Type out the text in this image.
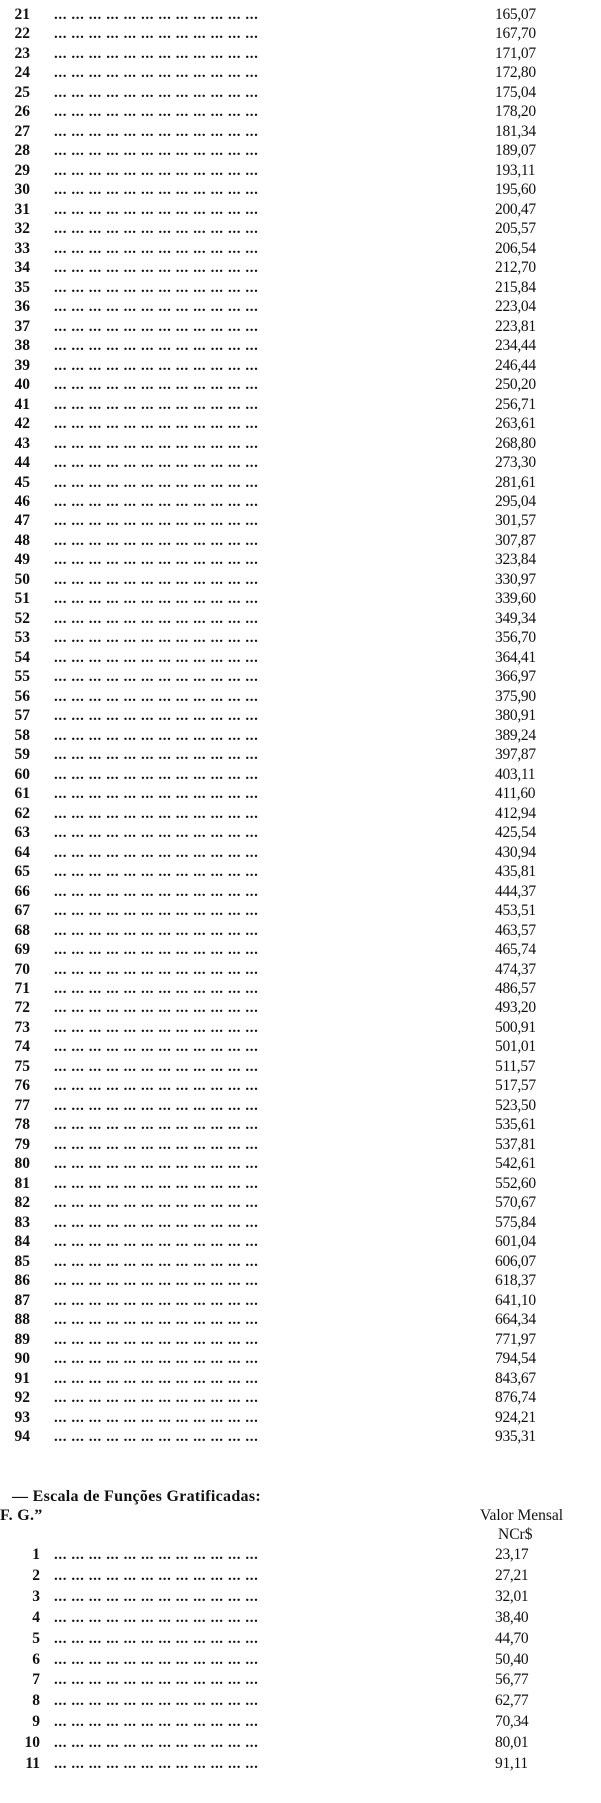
21 ... ... ... ... ... ... ... ... ... ... ... ...	165,07
22 ... ... ... ... ... ... ... ... ... ... ... ...	167,70
23 ... ... ... ... ... ... ... ... ... ... ... ...	171,07
24 ... ... ... ... ... ... ... ... ... ... ... ...	172,80
25 ... ... ... ... ... ... ... ... ... ... ... ...	175,04
26 ... ... ... ... ... ... ... ... ... ... ... ...	178,20
27 ... ... ... ... ... ... ... ... ... ... ... ...	181,34
28 ... ... ... ... ... ... ... ... ... ... ... ...	189,07
29 ... ... ... ... ... ... ... ... ... ... ... ...	193,11
30 ... ... ... ... ... ... ... ... ... ... ... ...	195,60
31 ... ... ... ... ... ... ... ... ... ... ... ...	200,47
32 ... ... ... ... ... ... ... ... ... ... ... ...	205,57
33 ... ... ... ... ... ... ... ... ... ... ... ...	206,54
34 ... ... ... ... ... ... ... ... ... ... ... ...	212,70
35 ... ... ... ... ... ... ... ... ... ... ... ...	215,84
36 ... ... ... ... ... ... ... ... ... ... ... ...	223,04
37 ... ... ... ... ... ... ... ... ... ... ... ...	223,81
38 ... ... ... ... ... ... ... ... ... ... ... ...	234,44
39 ... ... ... ... ... ... ... ... ... ... ... ...	246,44
40 ... ... ... ... ... ... ... ... ... ... ... ...	250,20
41 ... ... ... ... ... ... ... ... ... ... ... ...	256,71
42 ... ... ... ... ... ... ... ... ... ... ... ...	263,61
43 ... ... ... ... ... ... ... ... ... ... ... ...	268,80
44 ... ... ... ... ... ... ... ... ... ... ... ...	273,30
45 ... ... ... ... ... ... ... ... ... ... ... ...	281,61
46 ... ... ... ... ... ... ... ... ... ... ... ...	295,04
47 ... ... ... ... ... ... ... ... ... ... ... ...	301,57
48 ... ... ... ... ... ... ... ... ... ... ... ...	307,87
49 ... ... ... ... ... ... ... ... ... ... ... ...	323,84
50 ... ... ... ... ... ... ... ... ... ... ... ...	330,97
51 ... ... ... ... ... ... ... ... ... ... ... ...	339,60
52 ... ... ... ... ... ... ... ... ... ... ... ...	349,34
53 ... ... ... ... ... ... ... ... ... ... ... ...	356,70
54 ... ... ... ... ... ... ... ... ... ... ... ...	364,41
55 ... ... ... ... ... ... ... ... ... ... ... ...	366,97
56 ... ... ... ... ... ... ... ... ... ... ... ...	375,90
57 ... ... ... ... ... ... ... ... ... ... ... ...	380,91
58 ... ... ... ... ... ... ... ... ... ... ... ...	389,24
59 ... ... ... ... ... ... ... ... ... ... ... ...	397,87
60 ... ... ... ... ... ... ... ... ... ... ... ...	403,11
61 ... ... ... ... ... ... ... ... ... ... ... ...	411,60
62 ... ... ... ... ... ... ... ... ... ... ... ...	412,94
63 ... ... ... ... ... ... ... ... ... ... ... ...	425,54
64 ... ... ... ... ... ... ... ... ... ... ... ...	430,94
65 ... ... ... ... ... ... ... ... ... ... ... ...	435,81
66 ... ... ... ... ... ... ... ... ... ... ... ...	444,37
67 ... ... ... ... ... ... ... ... ... ... ... ...	453,51
68 ... ... ... ... ... ... ... ... ... ... ... ...	463,57
69 ... ... ... ... ... ... ... ... ... ... ... ...	465,74
70 ... ... ... ... ... ... ... ... ... ... ... ...	474,37
71 ... ... ... ... ... ... ... ... ... ... ... ...	486,57
72 ... ... ... ... ... ... ... ... ... ... ... ...	493,20
73 ... ... ... ... ... ... ... ... ... ... ... ...	500,91
74 ... ... ... ... ... ... ... ... ... ... ... ...	501,01
75 ... ... ... ... ... ... ... ... ... ... ... ...	511,57
76 ... ... ... ... ... ... ... ... ... ... ... ...	517,57
77 ... ... ... ... ... ... ... ... ... ... ... ...	523,50
78 ... ... ... ... ... ... ... ... ... ... ... ...	535,61
79 ... ... ... ... ... ... ... ... ... ... ... ...	537,81
80 ... ... ... ... ... ... ... ... ... ... ... ...	542,61
81 ... ... ... ... ... ... ... ... ... ... ... ...	552,60
82 ... ... ... ... ... ... ... ... ... ... ... ...	570,67
83 ... ... ... ... ... ... ... ... ... ... ... ...	575,84
84 ... ... ... ... ... ... ... ... ... ... ... ...	601,04
85 ... ... ... ... ... ... ... ... ... ... ... ...	606,07
86 ... ... ... ... ... ... ... ... ... ... ... ...	618,37
87 ... ... ... ... ... ... ... ... ... ... ... ...	641,10
88 ... ... ... ... ... ... ... ... ... ... ... ...	664,34
89 ... ... ... ... ... ... ... ... ... ... ... ...	771,97
90 ... ... ... ... ... ... ... ... ... ... ... ...	794,54
91 ... ... ... ... ... ... ... ... ... ... ... ...	843,67
92 ... ... ... ... ... ... ... ... ... ... ... ...	876,74
93 ... ... ... ... ... ... ... ... ... ... ... ...	924,21
94 ... ... ... ... ... ... ... ... ... ... ... ...	935,31
— Escala de Funções Gratificadas:
F. G.”	Valor Mensal
NCr$
1 ... ... ... ... ... ... ... ... ... ... ... ...	23,17
2 ... ... ... ... ... ... ... ... ... ... ... ...	27,21
3 ... ... ... ... ... ... ... ... ... ... ... ...	32,01
4 ... ... ... ... ... ... ... ... ... ... ... ...	38,40
5 ... ... ... ... ... ... ... ... ... ... ... ...	44,70
6 ... ... ... ... ... ... ... ... ... ... ... ...	50,40
7 ... ... ... ... ... ... ... ... ... ... ... ...	56,77
8 ... ... ... ... ... ... ... ... ... ... ... ...	62,77
9 ... ... ... ... ... ... ... ... ... ... ... ...	70,34
10 ... ... ... ... ... ... ... ... ... ... ... ...	80,01
11 ... ... ... ... ... ... ... ... ... ... ... ...	91,11
